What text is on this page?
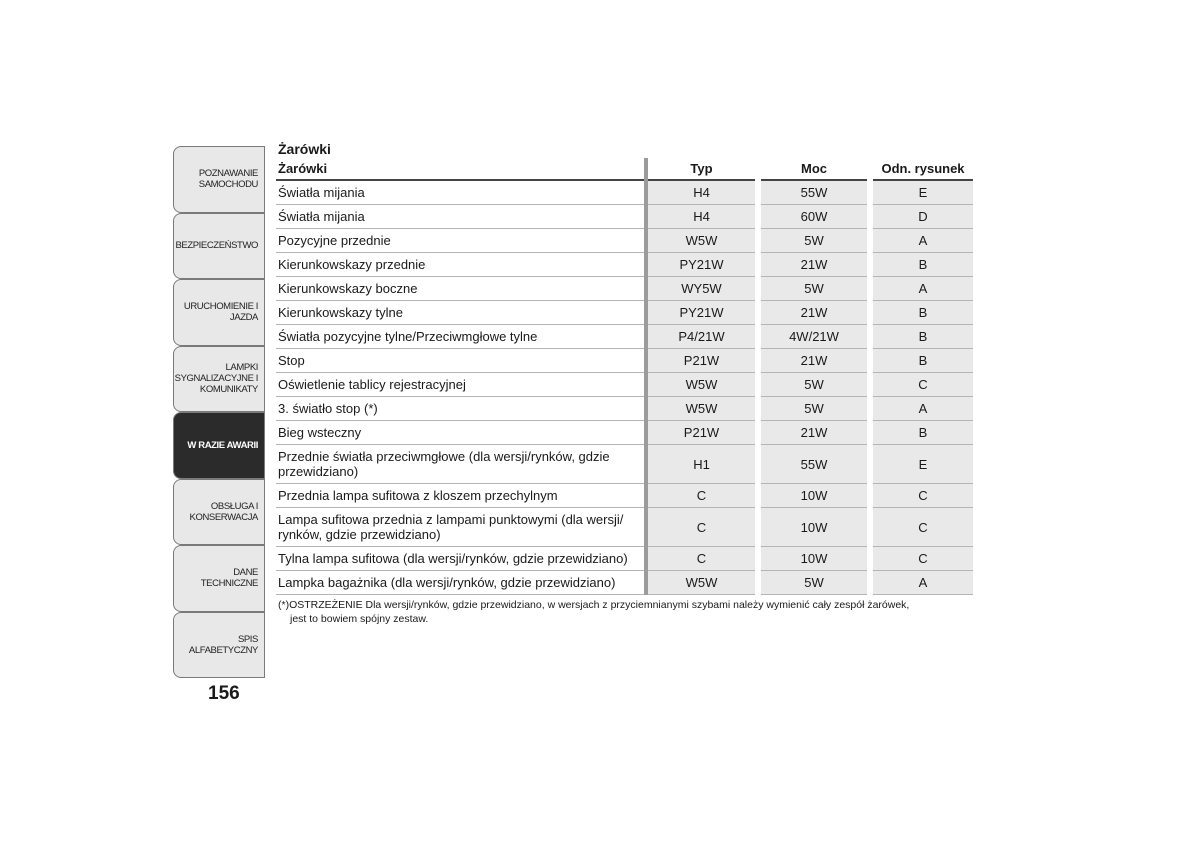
POZNAWANIE
SAMOCHODU
BEZPIECZEŃSTWO
URUCHOMIENIE I
JAZDA
LAMPKI
SYGNALIZACYJNE I
KOMUNIKATY
W RAZIE AWARII
OBSŁUGA I
KONSERWACJA
DANE TECHNICZNE
SPIS ALFABETYCZNY
156
Żarówki
Żarówki	Typ	Moc	Odn. rysunek
Światła mijania	H4	55W	E
Światła mijania	H4	60W	D
Pozycyjne przednie	W5W	5W	A
Kierunkowskazy przednie	PY21W	21W	B
Kierunkowskazy boczne	WY5W	5W	A
Kierunkowskazy tylne	PY21W	21W	B
Światła pozycyjne tylne/Przeciwmgłowe tylne	P4/21W	4W/21W	B
Stop	P21W	21W	B
Oświetlenie tablicy rejestracyjnej	W5W	5W	C
3. światło stop (*)	W5W	5W	A
Bieg wsteczny	P21W	21W	B
Przednie światła przeciwmgłowe (dla wersji/rynków, gdzie przewidziano)	H1	55W	E
Przednia lampa sufitowa z kloszem przechylnym	C	10W	C
Lampa sufitowa przednia z lampami punktowymi (dla wersji/ rynków, gdzie przewidziano)	C	10W	C
Tylna lampa sufitowa (dla wersji/rynków, gdzie przewidziano)	C	10W	C
Lampka bagażnika (dla wersji/rynków, gdzie przewidziano)	W5W	5W	A
(*)OSTRZEŻENIE Dla wersji/rynków, gdzie przewidziano, w wersjach z przyciemnianymi szybami należy wymienić cały zespół żarówek,
jest to bowiem spójny zestaw.
